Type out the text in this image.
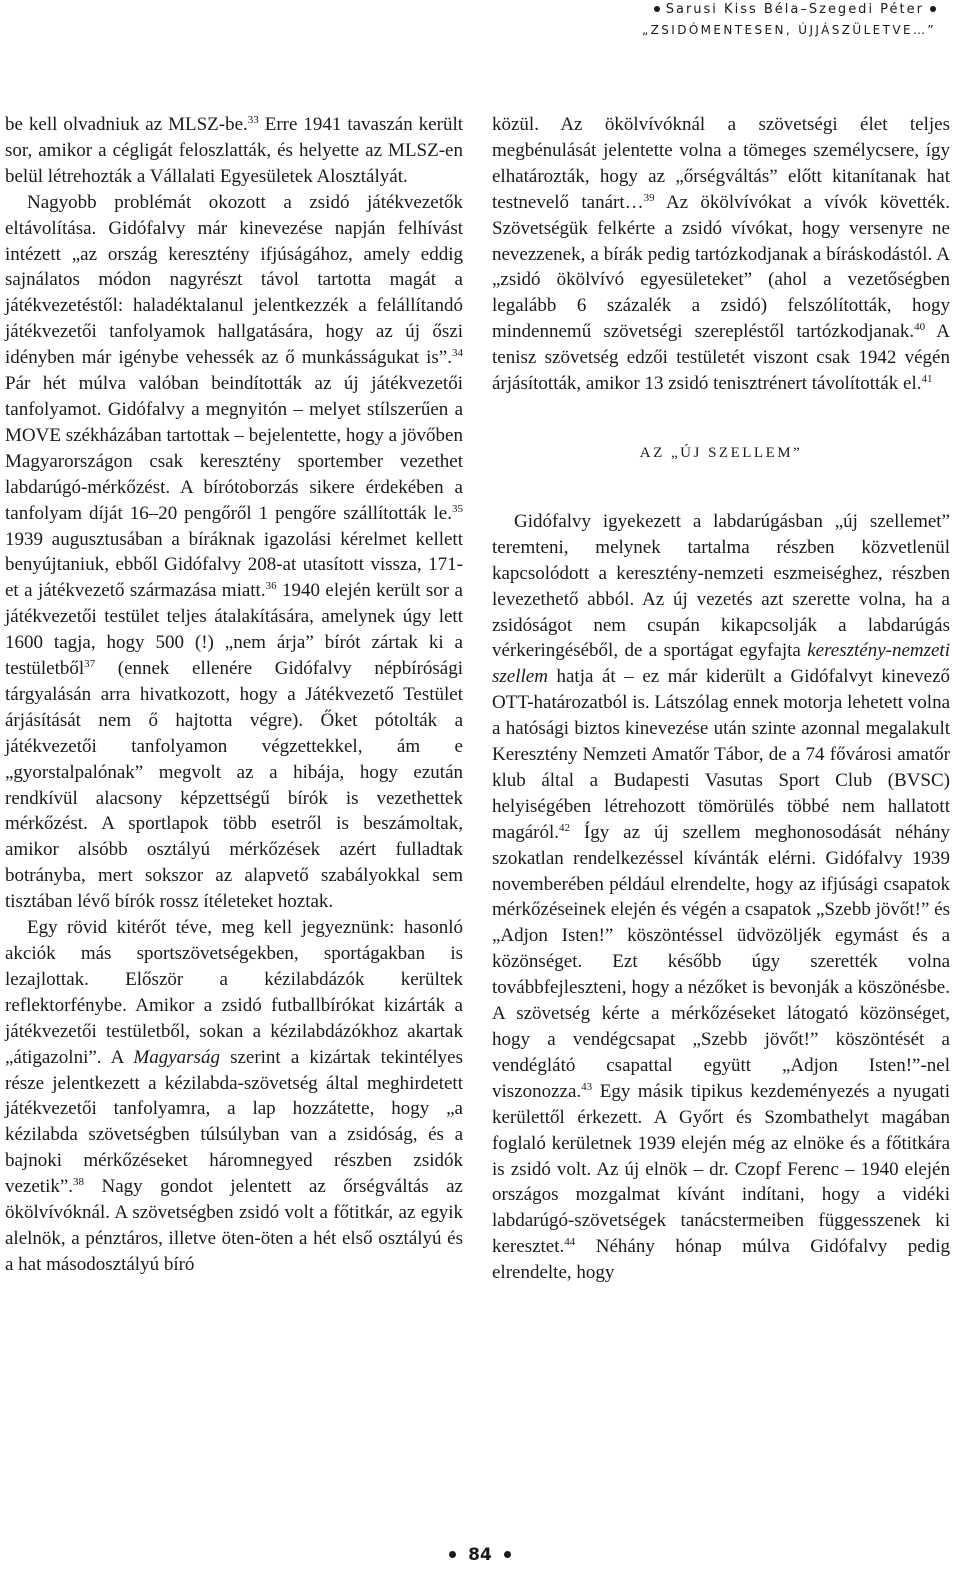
Sarusi Kiss Béla–Szegedi Péter
„ZSIDÓMENTESEN, ÚJJÁSZÜLETVE…”

be kell olvadniuk az MLSZ-be.$^{33}$ Erre 1941 tavaszán került sor, amikor a cégligát feloszlatták, és helyette az MLSZ-en belül létrehozták a Vállalati Egyesületek Alosztályát.

Nagyobb problémát okozott a zsidó játékvezetők eltávolítása. Gidófalvy már kinevezése napján felhívást intézett „az ország keresztény ifjúságához, amely eddig sajnálatos módon nagyrészt távol tartotta magát a játékvezetéstől: haladéktalanul jelentkezzék a felállítandó játékvezetői tanfolyamok hallgatására, hogy az új őszi idényben már igénybe vehessék az ő munkásságukat is”.$^{34}$ Pár hét múlva valóban beindították az új játékvezetői tanfolyamot. Gidófalvy a megnyitón – melyet stílszerűen a MOVE székházában tartottak – bejelentette, hogy a jövőben Magyarországon csak keresztény sportember vezethet labdarúgó-mérkőzést. A bírótoborzás sikere érdekében a tanfolyam díját 16–20 pengőről 1 pengőre szállították le.$^{35}$ 1939 augusztusában a bíráknak igazolási kérelmet kellett benyújtaniuk, ebből Gidófalvy 208-at utasított vissza, 171-et a játékvezető származása miatt.$^{36}$ 1940 elején került sor a játékvezetői testület teljes átalakítására, amelynek úgy lett 1600 tagja, hogy 500 (!) „nem árja” bírót zártak ki a testületből$^{37}$ (ennek ellenére Gidófalvy népbírósági tárgyalásán arra hivatkozott, hogy a Játékvezető Testület árjásítását nem ő hajtotta végre). Őket pótolták a játékvezetői tanfolyamon végzettekkel, ám e „gyorstalpalónak” megvolt az a hibája, hogy ezután rendkívül alacsony képzettségű bírók is vezethettek mérkőzést. A sportlapok több esetről is beszámoltak, amikor alsóbb osztályú mérkőzések azért fulladtak botrányba, mert sokszor az alapvető szabályokkal sem tisztában lévő bírók rossz ítéleteket hoztak.

Egy rövid kitérőt téve, meg kell jegyeznünk: hasonló akciók más sportszövetségekben, sportágakban is lezajlottak. Először a kézilabdázók kerültek reflektorfénybe. Amikor a zsidó futballbírókat kizárták a játékvezetői testületből, sokan a kézilabdázókhoz akartak „átigazolni”. A Magyarság szerint a kizártak tekintélyes része jelentkezett a kézilabda-szövetség által meghirdetett játékvezetői tanfolyamra, a lap hozzátette, hogy „a kézilabda szövetségben túlsúlyban van a zsidóság, és a bajnoki mérkőzéseket háromnegyed részben zsidók vezetik”.$^{38}$ Nagy gondot jelentett az őrségváltás az ökölvívóknál. A szövetségben zsidó volt a főtitkár, az egyik alelnök, a pénztáros, illetve öten-öten a hét első osztályú és a hat másodosztályú bíró

közül. Az ökölvívóknál a szövetségi élet teljes megbénulását jelentette volna a tömeges személycsere, így elhatározták, hogy az „őrségváltás” előtt kitanítanak hat testnevelő tanárt…$^{39}$ Az ökölvívókat a vívók követték. Szövetségük felkérte a zsidó vívókat, hogy versenyre ne nevezzenek, a bírák pedig tartózkodjanak a bíráskodástól. A „zsidó ökölvívó egyesületeket” (ahol a vezetőségben legalább 6 százalék a zsidó) felszólították, hogy mindennemű szövetségi szerepléstől tartózkodjanak.$^{40}$ A tenisz szövetség edzői testületét viszont csak 1942 végén árjásították, amikor 13 zsidó tenisztrénert távolították el.$^{41}$

AZ „ÚJ SZELLEM”

Gidófalvy igyekezett a labdarúgásban „új szellemet” teremteni, melynek tartalma részben közvetlenül kapcsolódott a keresztény-nemzeti eszmeiséghez, részben levezethető abból. Az új vezetés azt szerette volna, ha a zsidóságot nem csupán kikapcsolják a labdarúgás vérkeringéséből, de a sportágat egyfajta keresztény-nemzeti szellem hatja át – ez már kiderült a Gidófalvyt kinevező OTT-határozatból is. Látszólag ennek motorja lehetett volna a hatósági biztos kinevezése után szinte azonnal megalakult Keresztény Nemzeti Amatőr Tábor, de a 74 fővárosi amatőr klub által a Budapesti Vasutas Sport Club (BVSC) helyiségében létrehozott tömörülés többé nem hallatott magáról.$^{42}$ Így az új szellem meghonosodását néhány szokatlan rendelkezéssel kívánták elérni. Gidófalvy 1939 novemberében például elrendelte, hogy az ifjúsági csapatok mérkőzéseinek elején és végén a csapatok „Szebb jövőt!” és „Adjon Isten!” köszöntéssel üdvözöljék egymást és a közönséget. Ezt később úgy szerették volna továbbfejleszteni, hogy a nézőket is bevonják a köszönésbe. A szövetség kérte a mérkőzéseket látogató közönséget, hogy a vendégcsapat „Szebb jövőt!” köszöntését a vendéglátó csapattal együtt „Adjon Isten!”-nel viszonozza.$^{43}$ Egy másik tipikus kezdeményezés a nyugati kerülettől érkezett. A Győrt és Szombathelyt magában foglaló kerületnek 1939 elején még az elnöke és a főtitkára is zsidó volt. Az új elnök – dr. Czopf Ferenc – 1940 elején országos mozgalmat kívánt indítani, hogy a vidéki labdarúgó-szövetségek tanácstermeiben függesszenek ki keresztet.$^{44}$ Néhány hónap múlva Gidófalvy pedig elrendelte, hogy

84
